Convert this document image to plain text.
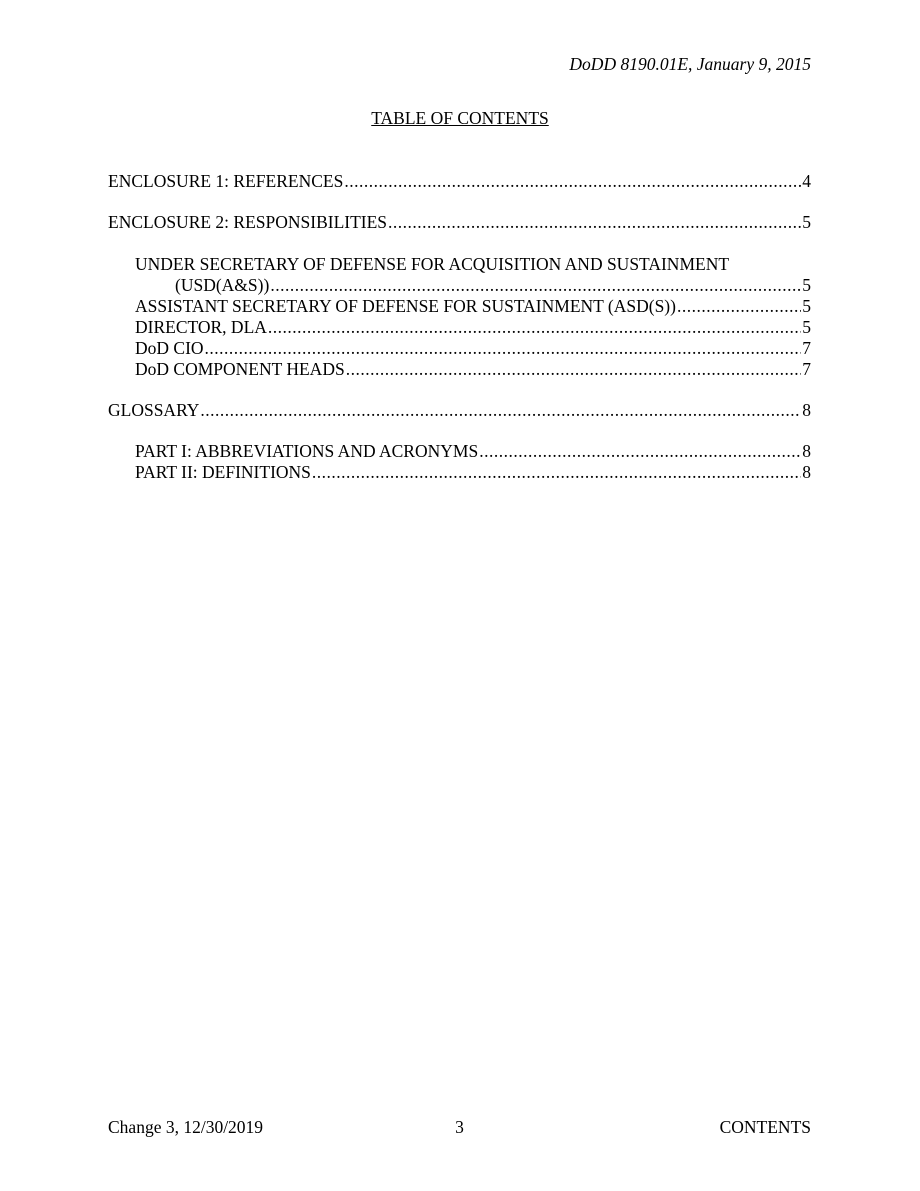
DoDD 8190.01E, January 9, 2015
TABLE OF CONTENTS
ENCLOSURE 1: REFERENCES .....	4
ENCLOSURE 2: RESPONSIBILITIES .....	5
UNDER SECRETARY OF DEFENSE FOR ACQUISITION AND SUSTAINMENT
(USD(A&S)) .....	5
ASSISTANT SECRETARY OF DEFENSE FOR SUSTAINMENT (ASD(S)) .....	5
DIRECTOR, DLA .....	5
DoD CIO .....	7
DoD COMPONENT HEADS .....	7
GLOSSARY .....	8
PART I: ABBREVIATIONS AND ACRONYMS .....	8
PART II: DEFINITIONS .....	8
Change 3, 12/30/2019	3	CONTENTS
